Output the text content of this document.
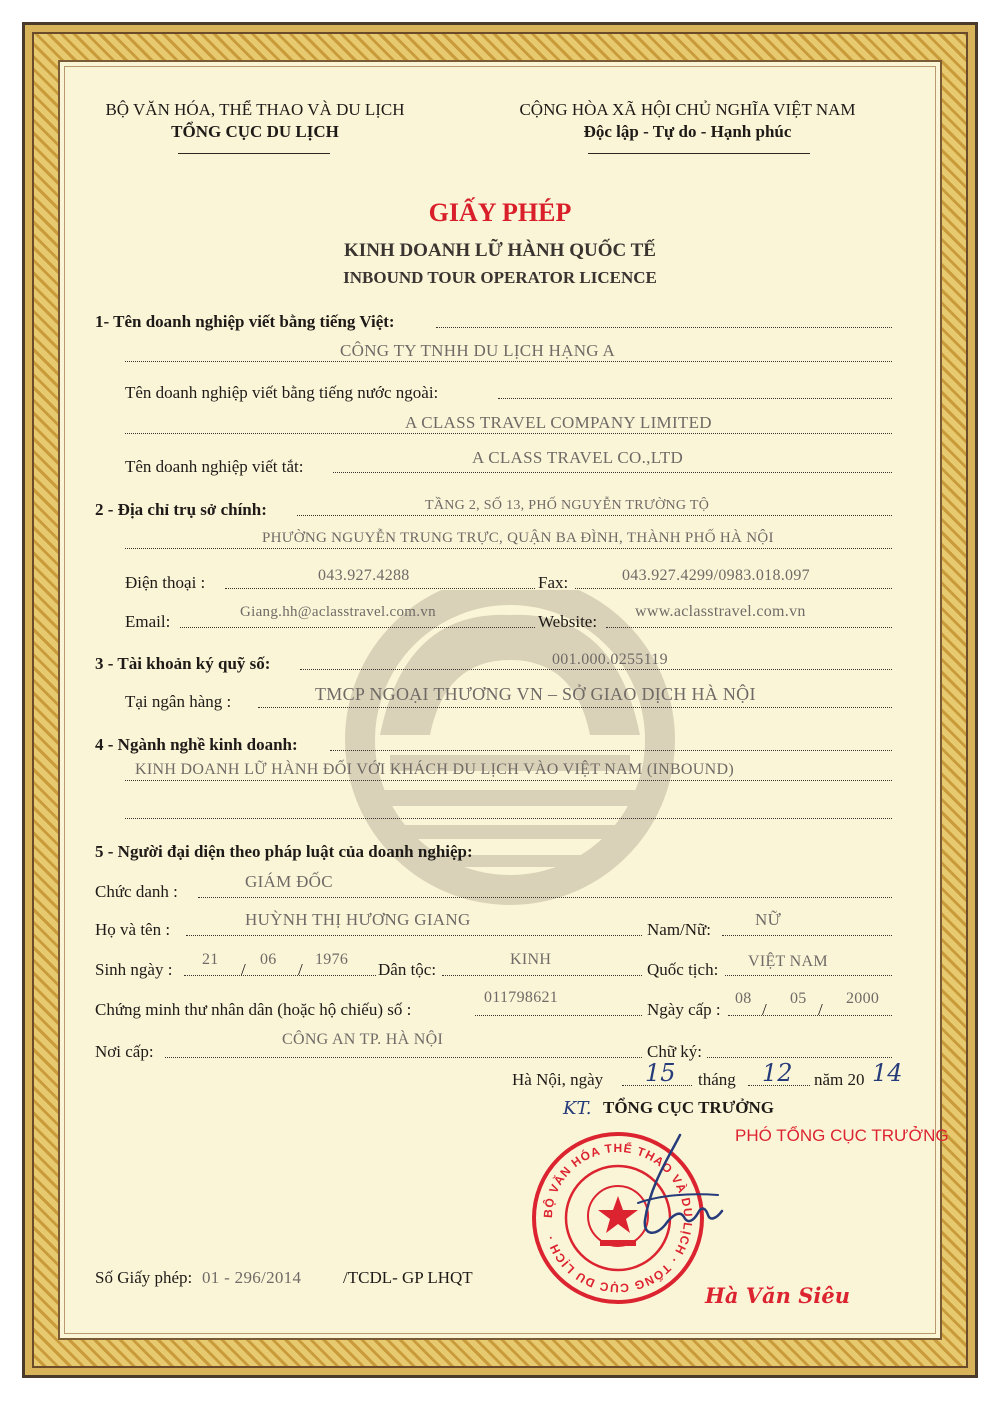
BỘ VĂN HÓA, THỂ THAO VÀ DU LỊCH
TỔNG CỤC DU LỊCH
CỘNG HÒA XÃ HỘI CHỦ NGHĨA VIỆT NAM
Độc lập - Tự do - Hạnh phúc
GIẤY PHÉP
KINH DOANH LỮ HÀNH QUỐC TẾ
INBOUND TOUR OPERATOR LICENCE
1- Tên doanh nghiệp viết bằng tiếng Việt:
CÔNG TY TNHH DU LỊCH HẠNG A
Tên doanh nghiệp viết bằng tiếng nước ngoài:
A CLASS TRAVEL COMPANY LIMITED
Tên doanh nghiệp viết tắt:	A CLASS TRAVEL CO.,LTD
2 - Địa chỉ trụ sở chính:	TẦNG 2, SỐ 13, PHỐ NGUYỄN TRƯỜNG TỘ
PHƯỜNG NGUYỄN TRUNG TRỰC, QUẬN BA ĐÌNH, THÀNH PHỐ HÀ NỘI
Điện thoại :	043.927.4288	Fax:	043.927.4299/0983.018.097
Email:	Giang.hh@aclasstravel.com.vn	Website:
www.aclasstravel.com.vn
3 - Tài khoản ký quỹ số:	001.000.0255119
Tại ngân hàng :	TMCP NGOẠI THƯƠNG VN – SỞ GIAO DỊCH HÀ NỘI
4 - Ngành nghề kinh doanh:
KINH DOANH LỮ HÀNH ĐỐI VỚI KHÁCH DU LỊCH VÀO VIỆT NAM (INBOUND)
5 - Người đại diện theo pháp luật của doanh nghiệp:
Chức danh :
GIÁM ĐỐC
Họ và tên :
HUỲNH THỊ HƯƠNG GIANG
Nam/Nữ:
NỮ
Sinh ngày :
21
/
06
/
1976
Dân tộc:
KINH
Quốc tịch: VIỆT NAM
Chứng minh thư nhân dân (hoặc hộ chiếu) số :
011798621
Ngày cấp :
08
/
05
/
2000
Nơi cấp:
CÔNG AN TP. HÀ NỘI
Chữ ký:
Hà Nội, ngày 15 tháng 12 năm 20 14
KT. TỔNG CỤC TRƯỞNG
PHÓ TỔNG CỤC TRƯỞNG
BỘ VĂN HÓA THỂ THAO VÀ DU LỊCH · TỔNG CỤC DU LỊCH ·
Hà Văn Siêu
Số Giấy phép: 01 - 296/2014 /TCDL- GP LHQT
